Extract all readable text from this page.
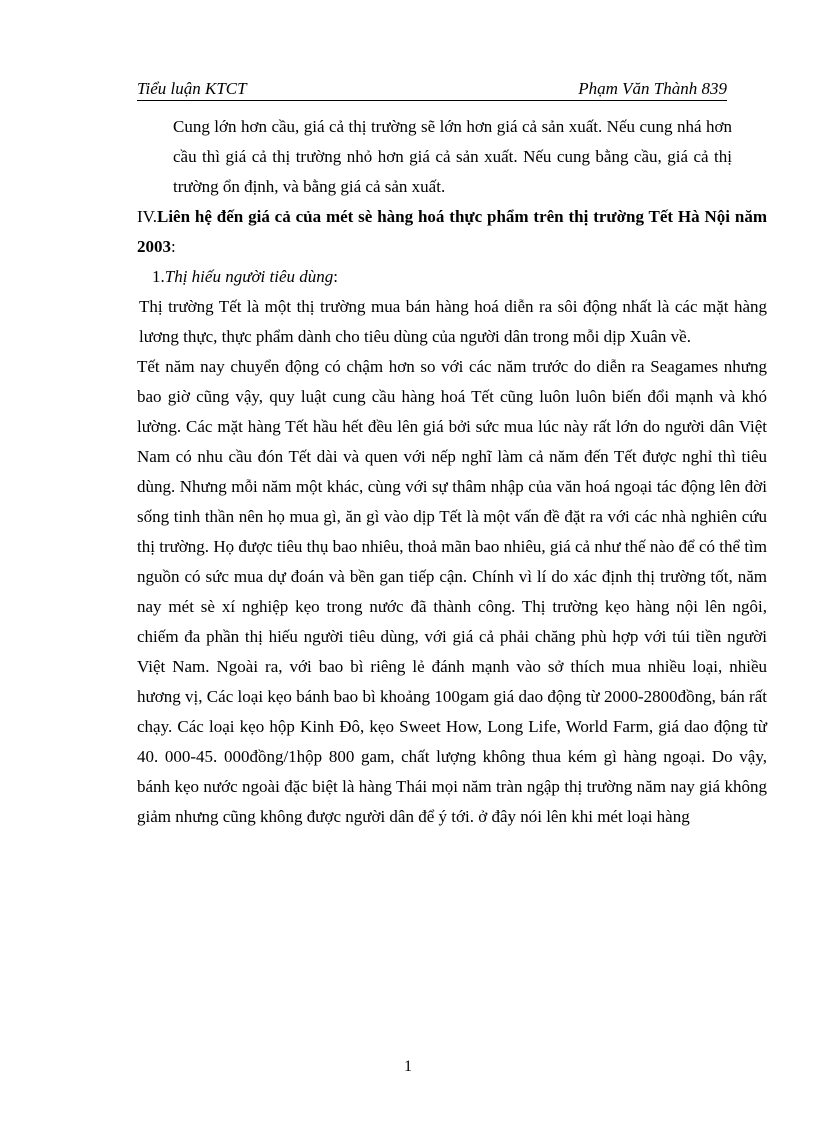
Tiểu luận KTCT	Phạm Văn Thành 839

Cung lớn hơn cầu, giá cả thị trường sẽ lớn hơn giá cả sản xuất. Nếu cung nhá hơn cầu thì giá cả thị trường nhỏ hơn giá cả sản xuất. Nếu cung bằng cầu, giá cả thị trường ổn định, và bằng giá cả sản xuất.

IV.Liên hệ đến giá cả của mét sè hàng hoá thực phẩm trên thị trường Tết Hà Nội năm 2003:

1.Thị hiếu người tiêu dùng:

Thị trường Tết là một thị trường mua bán hàng hoá diễn ra sôi động nhất là các mặt hàng lương thực, thực phẩm dành cho tiêu dùng của người dân trong mỗi dịp Xuân về.

Tết năm nay chuyển động có chậm hơn so với các năm trước do diễn ra Seagames nhưng bao giờ cũng vậy, quy luật cung cầu hàng hoá Tết cũng luôn luôn biến đổi mạnh và khó lường. Các mặt hàng Tết hầu hết đều lên giá bởi sức mua lúc này rất lớn do người dân Việt Nam có nhu cầu đón Tết dài và quen với nếp nghĩ làm cả năm đến Tết được nghỉ thì tiêu dùng. Nhưng mỗi năm một khác, cùng với sự thâm nhập của văn hoá ngoại tác động lên đời sống tinh thần nên họ mua gì, ăn gì vào dịp Tết là một vấn đề đặt ra với các nhà nghiên cứu thị trường. Họ được tiêu thụ bao nhiêu, thoả mãn bao nhiêu, giá cả như thế nào để có thể tìm nguồn có sức mua dự đoán và bền gan tiếp cận. Chính vì lí do xác định thị trường tốt, năm nay mét sè xí nghiệp kẹo trong nước đã thành công. Thị trường kẹo hàng nội lên ngôi, chiếm đa phần thị hiếu người tiêu dùng, với giá cả phải chăng phù hợp với túi tiền người Việt Nam. Ngoài ra, với bao bì riêng lẻ đánh mạnh vào sở thích mua nhiều loại, nhiều hương vị, Các loại kẹo bánh bao bì khoảng 100gam giá dao động từ 2000-2800đồng, bán rất chạy. Các loại kẹo hộp Kinh Đô, kẹo Sweet How, Long Life, World Farm, giá dao động từ 40. 000-45. 000đồng/1hộp 800 gam, chất lượng không thua kém gì hàng ngoại. Do vậy, bánh kẹo nước ngoài đặc biệt là hàng Thái mọi năm tràn ngập thị trường năm nay giá không giảm nhưng cũng không được người dân để ý tới. ở đây nói lên khi mét loại hàng

1
